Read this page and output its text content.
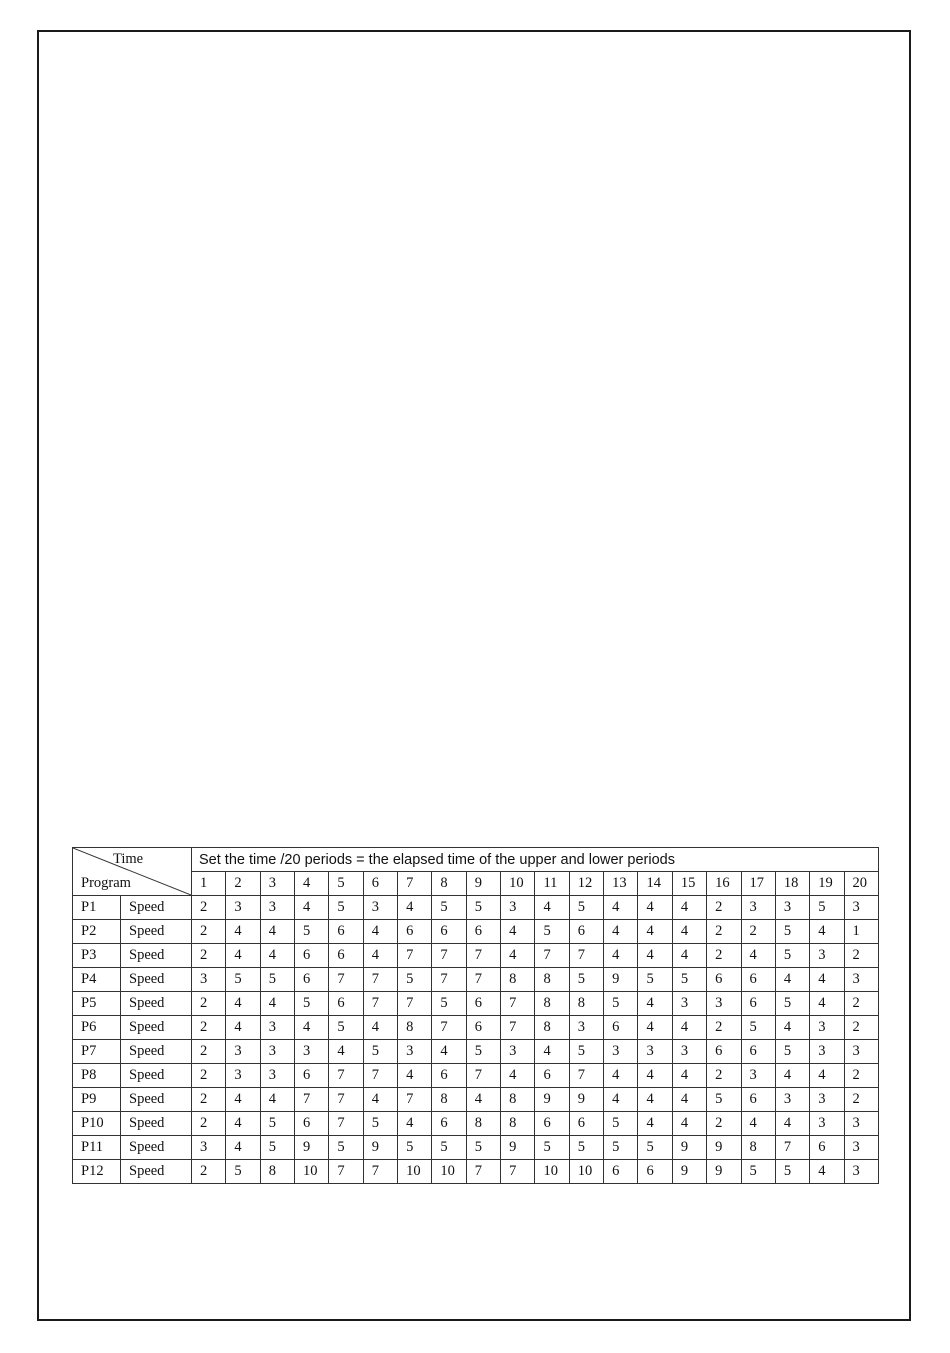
Time
Program		Set the time /20 periods = the elapsed time of the upper and lower periods																			
		1	2	3	4	5	6	7	8	9	10	11	12	13	14	15	16	17	18	19	20
P1	Speed	2	3	3	4	5	3	4	5	5	3	4	5	4	4	4	2	3	3	5	3
P2	Speed	2	4	4	5	6	4	6	6	6	4	5	6	4	4	4	2	2	5	4	1
P3	Speed	2	4	4	6	6	4	7	7	7	4	7	7	4	4	4	2	4	5	3	2
P4	Speed	3	5	5	6	7	7	5	7	7	8	8	5	9	5	5	6	6	4	4	3
P5	Speed	2	4	4	5	6	7	7	5	6	7	8	8	5	4	3	3	6	5	4	2
P6	Speed	2	4	3	4	5	4	8	7	6	7	8	3	6	4	4	2	5	4	3	2
P7	Speed	2	3	3	3	4	5	3	4	5	3	4	5	3	3	3	6	6	5	3	3
P8	Speed	2	3	3	6	7	7	4	6	7	4	6	7	4	4	4	2	3	4	4	2
P9	Speed	2	4	4	7	7	4	7	8	4	8	9	9	4	4	4	5	6	3	3	2
P10	Speed	2	4	5	6	7	5	4	6	8	8	6	6	5	4	4	2	4	4	3	3
P11	Speed	3	4	5	9	5	9	5	5	5	9	5	5	5	5	9	9	8	7	6	3
P12	Speed	2	5	8	10	7	7	10	10	7	7	10	10	6	6	9	9	5	5	4	3
